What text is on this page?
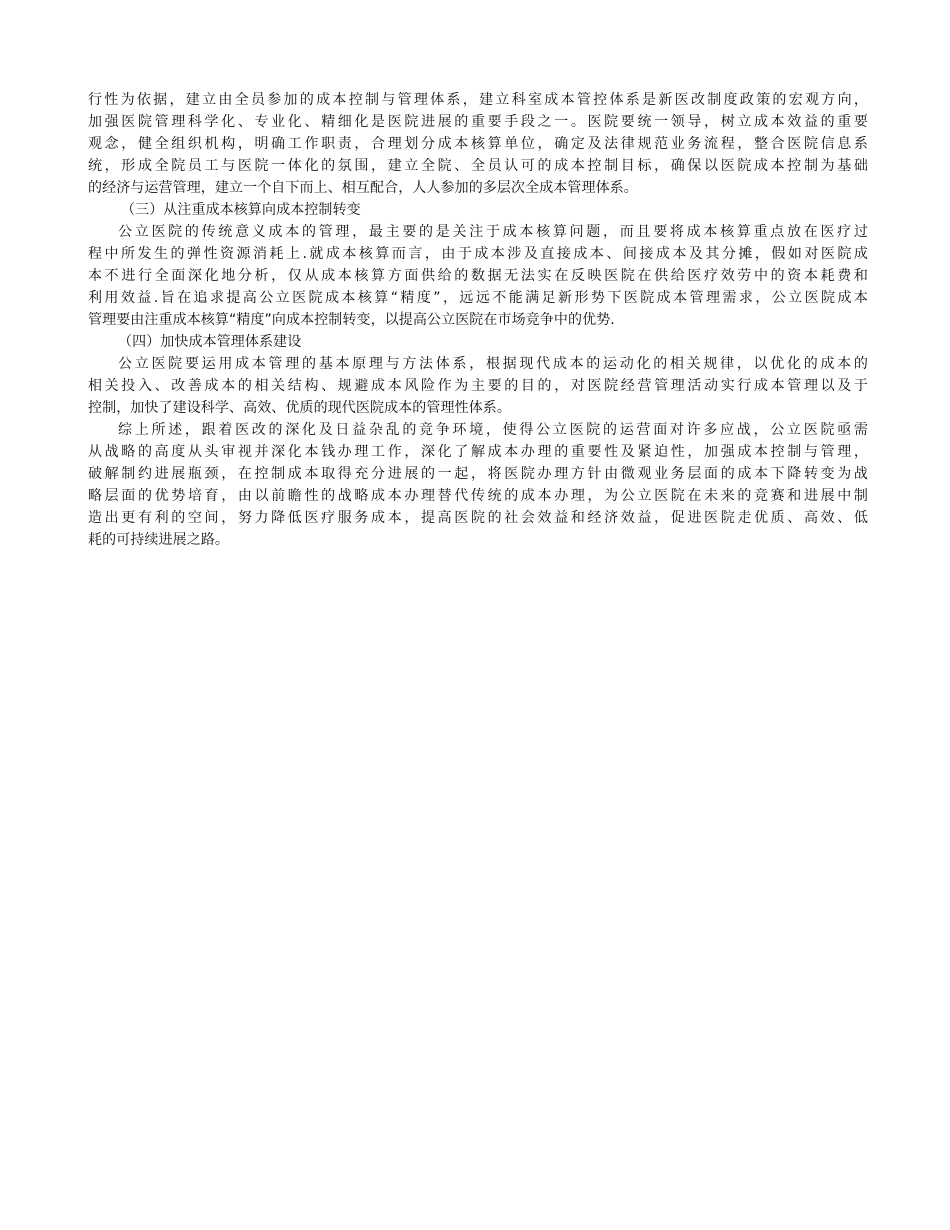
行性为依据，建立由全员参加的成本控制与管理体系，建立科室成本管控体系是新医改制度政策的宏观方向，
加强医院管理科学化、专业化、精细化是医院进展的重要手段之一。医院要统一领导，树立成本效益的重要
观念，健全组织机构，明确工作职责，合理划分成本核算单位，确定及法律规范业务流程，整合医院信息系
统，形成全院员工与医院一体化的氛围，建立全院、全员认可的成本控制目标，确保以医院成本控制为基础
的经济与运营管理，建立一个自下而上、相互配合，人人参加的多层次全成本管理体系。
（三）从注重成本核算向成本控制转变
公立医院的传统意义成本的管理，最主要的是关注于成本核算问题，而且要将成本核算重点放在医疗过
程中所发生的弹性资源消耗上.就成本核算而言，由于成本涉及直接成本、间接成本及其分摊，假如对医院成
本不进行全面深化地分析，仅从成本核算方面供给的数据无法实在反映医院在供给医疗效劳中的资本耗费和
利用效益.旨在追求提高公立医院成本核算“精度”，远远不能满足新形势下医院成本管理需求，公立医院成本
管理要由注重成本核算“精度”向成本控制转变，以提高公立医院在市场竞争中的优势.
（四）加快成本管理体系建设
公立医院要运用成本管理的基本原理与方法体系，根据现代成本的运动化的相关规律，以优化的成本的
相关投入、改善成本的相关结构、规避成本风险作为主要的目的，对医院经营管理活动实行成本管理以及于
控制，加快了建设科学、高效、优质的现代医院成本的管理性体系。
综上所述，跟着医改的深化及日益杂乱的竞争环境，使得公立医院的运营面对许多应战，公立医院亟需
从战略的高度从头审视并深化本钱办理工作，深化了解成本办理的重要性及紧迫性，加强成本控制与管理，
破解制约进展瓶颈，在控制成本取得充分进展的一起，将医院办理方针由微观业务层面的成本下降转变为战
略层面的优势培育，由以前瞻性的战略成本办理替代传统的成本办理，为公立医院在未来的竞赛和进展中制
造出更有利的空间，努力降低医疗服务成本，提高医院的社会效益和经济效益，促进医院走优质、高效、低
耗的可持续进展之路。
